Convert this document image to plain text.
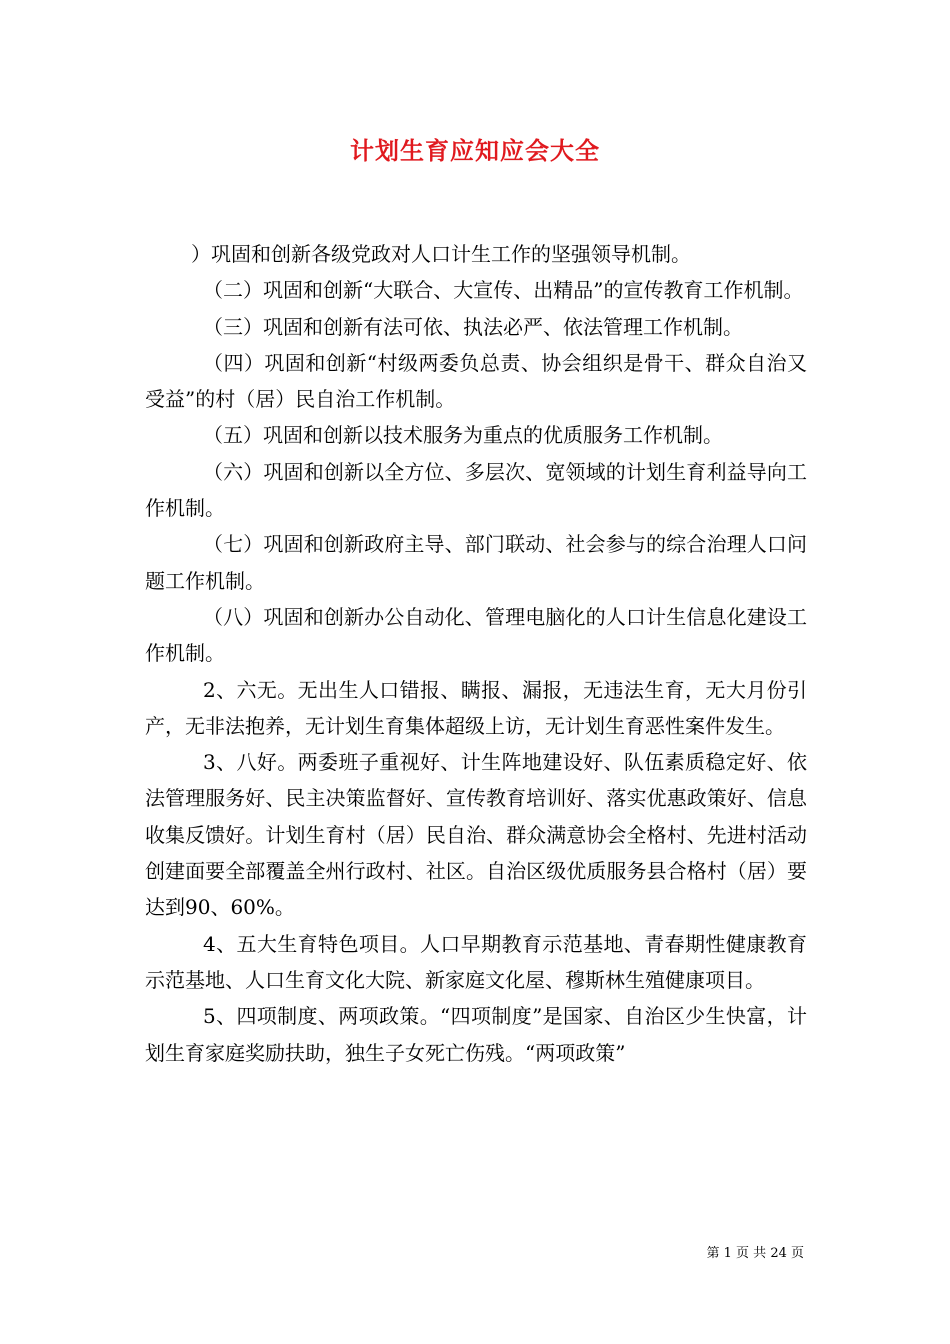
计划生育应知应会大全

）巩固和创新各级党政对人口计生工作的坚强领导机制。

（二）巩固和创新“大联合、大宣传、出精品”的宣传教育工作机制。

（三）巩固和创新有法可依、执法必严、依法管理工作机制。

（四）巩固和创新“村级两委负总责、协会组织是骨干、群众自治又受益”的村（居）民自治工作机制。

（五）巩固和创新以技术服务为重点的优质服务工作机制。

（六）巩固和创新以全方位、多层次、宽领域的计划生育利益导向工作机制。

（七）巩固和创新政府主导、部门联动、社会参与的综合治理人口问题工作机制。

（八）巩固和创新办公自动化、管理电脑化的人口计生信息化建设工作机制。

2、六无。无出生人口错报、瞒报、漏报，无违法生育，无大月份引产，无非法抱养，无计划生育集体超级上访，无计划生育恶性案件发生。

3、八好。两委班子重视好、计生阵地建设好、队伍素质稳定好、依法管理服务好、民主决策监督好、宣传教育培训好、落实优惠政策好、信息收集反馈好。计划生育村（居）民自治、群众满意协会全格村、先进村活动创建面要全部覆盖全州行政村、社区。自治区级优质服务县合格村（居）要达到90、60%。

4、五大生育特色项目。人口早期教育示范基地、青春期性健康教育示范基地、人口生育文化大院、新家庭文化屋、穆斯林生殖健康项目。

5、四项制度、两项政策。“四项制度”是国家、自治区少生快富，计划生育家庭奖励扶助，独生子女死亡伤残。“两项政策”

第 1 页 共 24 页
